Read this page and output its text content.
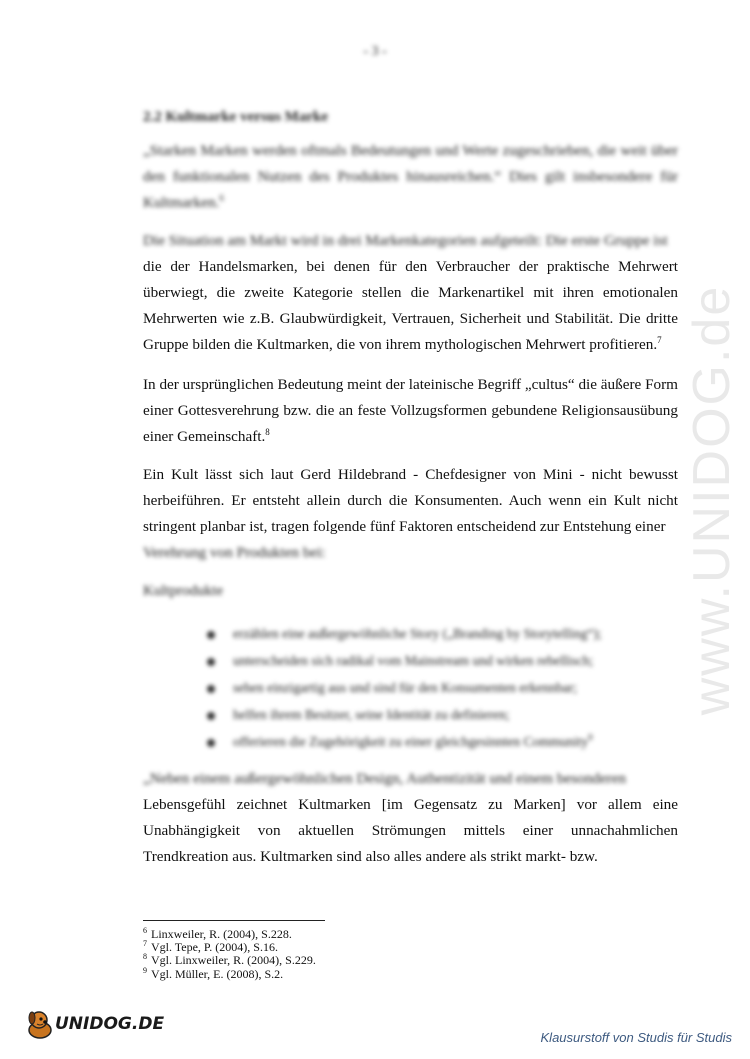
www.UNIDOG.de
- 3 -
2.2 Kultmarke versus Marke
„Starken Marken werden oftmals Bedeutungen und Werte zugeschrieben, die weit über den funktionalen Nutzen des Produktes hinausreichen.“ Dies gilt insbesondere für Kultmarken.$^6$
Die Situation am Markt wird in drei Markenkategorien aufgeteilt: Die erste Gruppe ist
die der Handelsmarken, bei denen für den Verbraucher der praktische Mehrwert überwiegt, die zweite Kategorie stellen die Markenartikel mit ihren emotionalen Mehrwerten wie z.B. Glaubwürdigkeit, Vertrauen, Sicherheit und Stabilität. Die dritte Gruppe bilden die Kultmarken, die von ihrem mythologischen Mehrwert profitieren.$^7$
In der ursprünglichen Bedeutung meint der lateinische Begriff „cultus“ die äußere Form einer Gottesverehrung bzw. die an feste Vollzugsformen gebundene Religionsausübung einer Gemeinschaft.$^8$
Ein Kult lässt sich laut Gerd Hildebrand - Chefdesigner von Mini - nicht bewusst herbeiführen. Er entsteht allein durch die Konsumenten. Auch wenn ein Kult nicht stringent planbar ist, tragen folgende fünf Faktoren entscheidend zur Entstehung einer
Verehrung von Produkten bei:
Kultprodukte
erzählen eine außergewöhnliche Story („Branding by Storytelling“);
unterscheiden sich radikal vom Mainstream und wirken rebellisch;
sehen einzigartig aus und sind für den Konsumenten erkennbar;
helfen ihrem Besitzer, seine Identität zu definieren;
offerieren die Zugehörigkeit zu einer gleichgesinnten Community$^9$
„Neben einem außergewöhnlichen Design, Authentizität und einem besonderen
Lebensgefühl zeichnet Kultmarken [im Gegensatz zu Marken] vor allem eine Unabhängigkeit von aktuellen Strömungen mittels einer unnachahmlichen Trendkreation aus. Kultmarken sind also alles andere als strikt markt- bzw.
$^6$ Linxweiler, R. (2004), S.228.
$^7$ Vgl. Tepe, P. (2004), S.16.
$^8$ Vgl. Linxweiler, R. (2004), S.229.
$^9$ Vgl. Müller, E. (2008), S.2.
UNIDOG.DE
Klausurstoff von Studis für Studis
